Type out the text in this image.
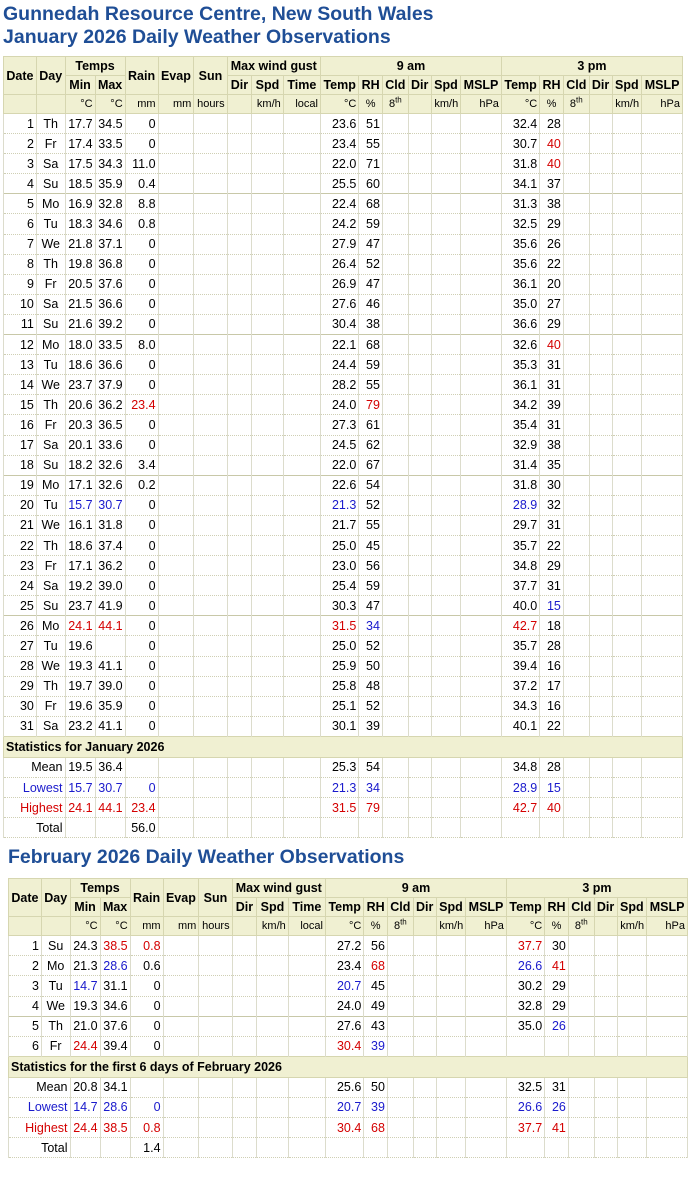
Gunnedah Resource Centre, New South Wales
January 2026 Daily Weather Observations
Date	Day	Temps		Rain	Evap	Sun	Max wind gust			9 am						3 pm					
		Min	Max				Dir	Spd	Time	Temp	RH	Cld	Dir	Spd	MSLP	Temp	RH	Cld	Dir	Spd	MSLP
		°C	°C	mm	mm	hours		km/h	local	°C	%	8th		km/h	hPa	°C	%	8th		km/h	hPa
1	Th	17.7	34.5	0						23.6	51					32.4	28				
2	Fr	17.4	33.5	0						23.4	55					30.7	40				
3	Sa	17.5	34.3	11.0						22.0	71					31.8	40				
4	Su	18.5	35.9	0.4						25.5	60					34.1	37				
5	Mo	16.9	32.8	8.8						22.4	68					31.3	38				
6	Tu	18.3	34.6	0.8						24.2	59					32.5	29				
7	We	21.8	37.1	0						27.9	47					35.6	26				
8	Th	19.8	36.8	0						26.4	52					35.6	22				
9	Fr	20.5	37.6	0						26.9	47					36.1	20				
10	Sa	21.5	36.6	0						27.6	46					35.0	27				
11	Su	21.6	39.2	0						30.4	38					36.6	29				
12	Mo	18.0	33.5	8.0						22.1	68					32.6	40				
13	Tu	18.6	36.6	0						24.4	59					35.3	31				
14	We	23.7	37.9	0						28.2	55					36.1	31				
15	Th	20.6	36.2	23.4						24.0	79					34.2	39				
16	Fr	20.3	36.5	0						27.3	61					35.4	31				
17	Sa	20.1	33.6	0						24.5	62					32.9	38				
18	Su	18.2	32.6	3.4						22.0	67					31.4	35				
19	Mo	17.1	32.6	0.2						22.6	54					31.8	30				
20	Tu	15.7	30.7	0						21.3	52					28.9	32				
21	We	16.1	31.8	0						21.7	55					29.7	31				
22	Th	18.6	37.4	0						25.0	45					35.7	22				
23	Fr	17.1	36.2	0						23.0	56					34.8	29				
24	Sa	19.2	39.0	0						25.4	59					37.7	31				
25	Su	23.7	41.9	0						30.3	47					40.0	15				
26	Mo	24.1	44.1	0						31.5	34					42.7	18				
27	Tu	19.6		0						25.0	52					35.7	28				
28	We	19.3	41.1	0						25.9	50					39.4	16				
29	Th	19.7	39.0	0						25.8	48					37.2	17				
30	Fr	19.6	35.9	0						25.1	52					34.3	16				
31	Sa	23.2	41.1	0						30.1	39					40.1	22				
Statistics for January 2026																					
Mean		19.5	36.4							25.3	54					34.8	28				
Lowest		15.7	30.7	0						21.3	34					28.9	15				
Highest		24.1	44.1	23.4						31.5	79					42.7	40				
Total				56.0																	
February 2026 Daily Weather Observations
Date	Day	Temps		Rain	Evap	Sun	Max wind gust			9 am						3 pm					
		Min	Max				Dir	Spd	Time	Temp	RH	Cld	Dir	Spd	MSLP	Temp	RH	Cld	Dir	Spd	MSLP
		°C	°C	mm	mm	hours		km/h	local	°C	%	8th		km/h	hPa	°C	%	8th		km/h	hPa
1	Su	24.3	38.5	0.8						27.2	56					37.7	30				
2	Mo	21.3	28.6	0.6						23.4	68					26.6	41				
3	Tu	14.7	31.1	0						20.7	45					30.2	29				
4	We	19.3	34.6	0						24.0	49					32.8	29				
5	Th	21.0	37.6	0						27.6	43					35.0	26				
6	Fr	24.4	39.4	0						30.4	39										
Statistics for the first 6 days of February 2026																					
Mean		20.8	34.1							25.6	50					32.5	31				
Lowest		14.7	28.6	0						20.7	39					26.6	26				
Highest		24.4	38.5	0.8						30.4	68					37.7	41				
Total				1.4																	
